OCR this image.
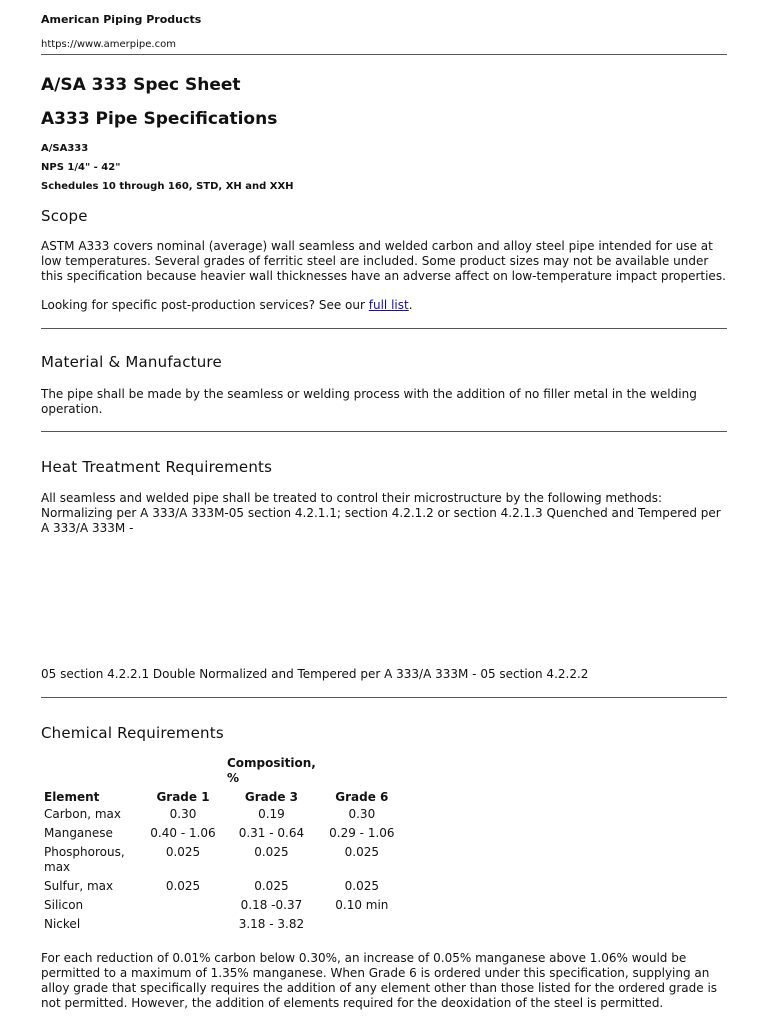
American Piping Products
https://www.amerpipe.com
A/SA 333 Spec Sheet
A333 Pipe Specifications
A/SA333
NPS 1/4" - 42"
Schedules 10 through 160, STD, XH and XXH
Scope
ASTM A333 covers nominal (average) wall seamless and welded carbon and alloy steel pipe intended for use at low temperatures. Several grades of ferritic steel are included. Some product sizes may not be available under this specification because heavier wall thicknesses have an adverse affect on low-temperature impact properties.
Looking for specific post-production services? See our full list.
Material & Manufacture
The pipe shall be made by the seamless or welding process with the addition of no filler metal in the welding operation.
Heat Treatment Requirements
All seamless and welded pipe shall be treated to control their microstructure by the following methods: Normalizing per A 333/A 333M-05 section 4.2.1.1; section 4.2.1.2 or section 4.2.1.3 Quenched and Tempered per A 333/A 333M -
05 section 4.2.2.1 Double Normalized and Tempered per A 333/A 333M - 05 section 4.2.2.2
Chemical Requirements
		Composition, %	
Element	Grade 1	Grade 3	Grade 6
Carbon, max	0.30	0.19	0.30
Manganese	0.40 - 1.06	0.31 - 0.64	0.29 - 1.06
Phosphorous, max	0.025	0.025	0.025
Sulfur, max	0.025	0.025	0.025
Silicon		0.18 -0.37	0.10 min
Nickel		3.18 - 3.82	
For each reduction of 0.01% carbon below 0.30%, an increase of 0.05% manganese above 1.06% would be permitted to a maximum of 1.35% manganese. When Grade 6 is ordered under this specification, supplying an alloy grade that specifically requires the addition of any element other than those listed for the ordered grade is not permitted. However, the addition of elements required for the deoxidation of the steel is permitted.
